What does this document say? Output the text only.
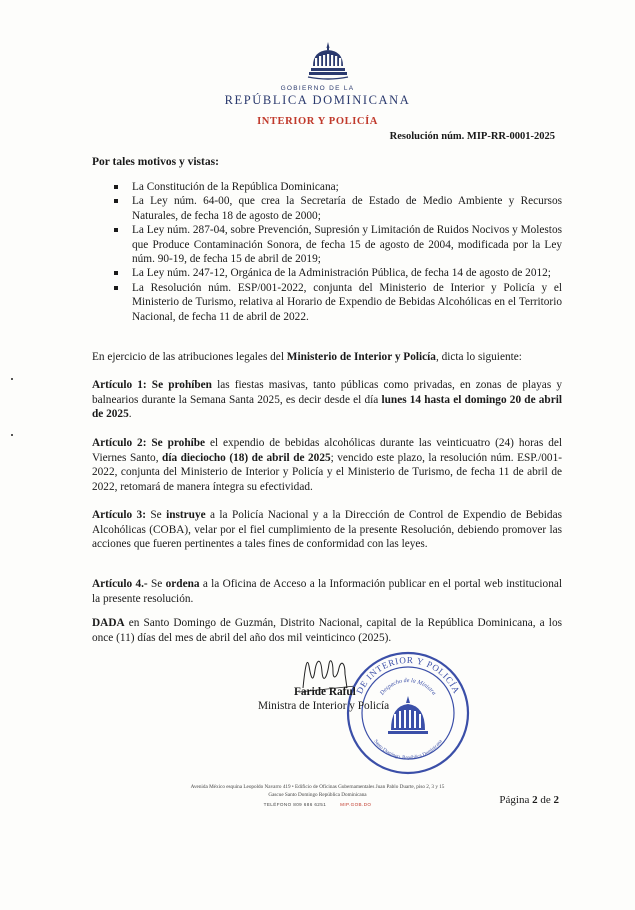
GOBIERNO DE LA
REPÚBLICA DOMINICANA
INTERIOR Y POLICÍA
Resolución núm. MIP-RR-0001-2025
Por tales motivos y vistas:
La Constitución de la República Dominicana;
La Ley núm. 64-00, que crea la Secretaría de Estado de Medio Ambiente y Recursos Naturales, de fecha 18 de agosto de 2000;
La Ley núm. 287-04, sobre Prevención, Supresión y Limitación de Ruidos Nocivos y Molestos que Produce Contaminación Sonora, de fecha 15 de agosto de 2004, modificada por la Ley núm. 90-19, de fecha 15 de abril de 2019;
La Ley núm. 247-12, Orgánica de la Administración Pública, de fecha 14 de agosto de 2012;
La Resolución núm. ESP/001-2022, conjunta del Ministerio de Interior y Policía y el Ministerio de Turismo, relativa al Horario de Expendio de Bebidas Alcohólicas en el Territorio Nacional, de fecha 11 de abril de 2022.
En ejercicio de las atribuciones legales del Ministerio de Interior y Policía, dicta lo siguiente:
Artículo 1: Se prohíben las fiestas masivas, tanto públicas como privadas, en zonas de playas y balnearios durante la Semana Santa 2025, es decir desde el día lunes 14 hasta el domingo 20 de abril de 2025.
Artículo 2: Se prohíbe el expendio de bebidas alcohólicas durante las veinticuatro (24) horas del Viernes Santo, día dieciocho (18) de abril de 2025; vencido este plazo, la resolución núm. ESP./001-2022, conjunta del Ministerio de Interior y Policía y el Ministerio de Turismo, de fecha 11 de abril de 2022, retomará de manera íntegra su efectividad.
Artículo 3: Se instruye a la Policía Nacional y a la Dirección de Control de Expendio de Bebidas Alcohólicas (COBA), velar por el fiel cumplimiento de la presente Resolución, debiendo promover las acciones que fueren pertinentes a tales fines de conformidad con las leyes.
Artículo 4.- Se ordena a la Oficina de Acceso a la Información publicar en el portal web institucional la presente resolución.
DADA en Santo Domingo de Guzmán, Distrito Nacional, capital de la República Dominicana, a los once (11) días del mes de abril del año dos mil veinticinco (2025).
DE INTERIOR Y POLICÍA
Despacho de la Ministra
Santo Domingo, República Dominicana
Faride Raful
Ministra de Interior y Policía
Avenida México esquina Leopoldo Navarro 419 • Edificio de Oficinas Gubernamentales Juan Pablo Duarte, piso 2, 3 y 15
Gascue Santo Domingo República Dominicana
TELÉFONO 809 686 6251	MIP.GOB.DO	Página 2 de 2
